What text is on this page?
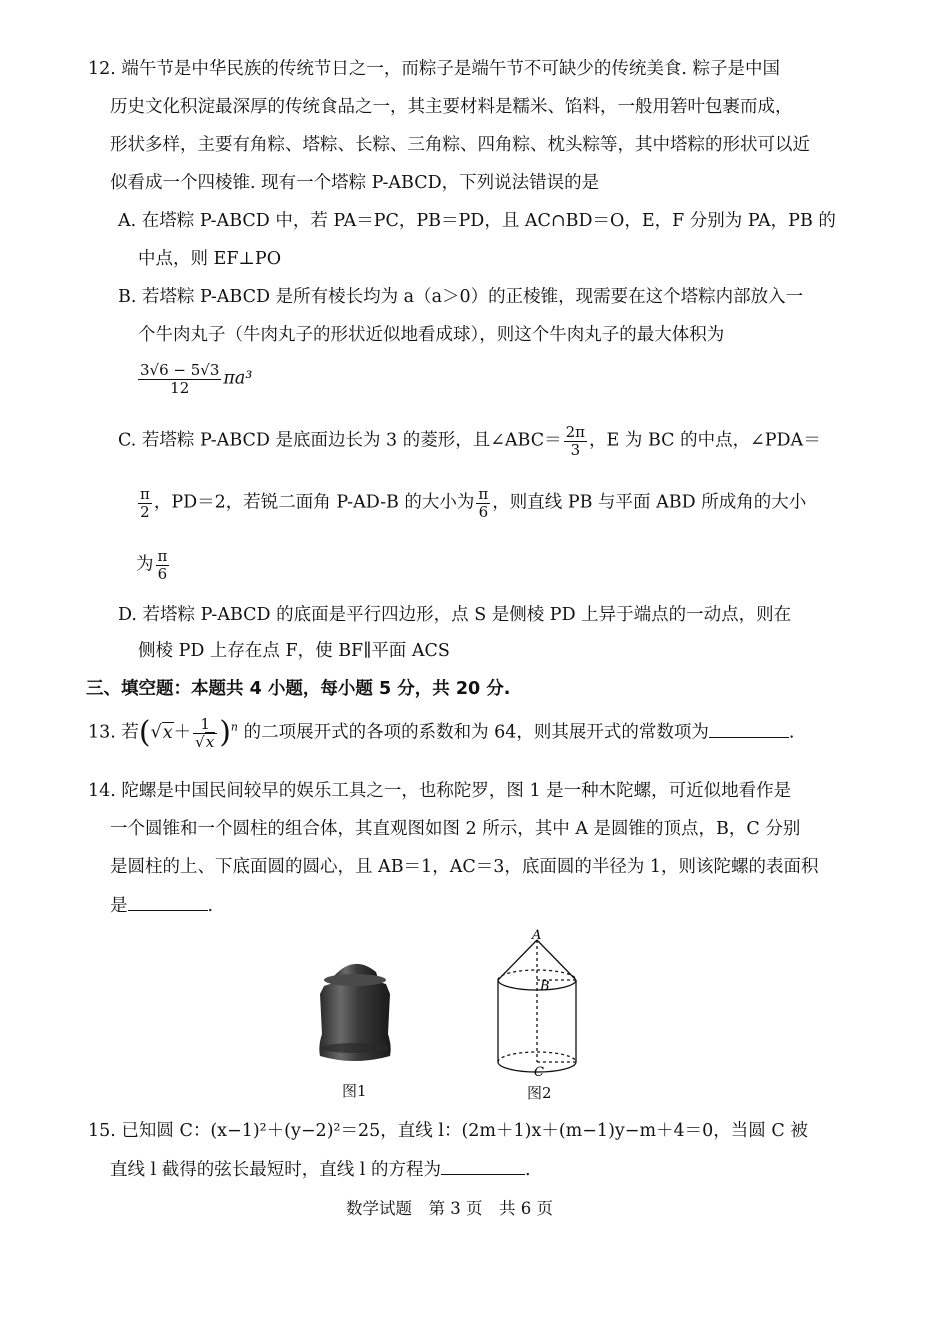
12. 端午节是中华民族的传统节日之一，而粽子是端午节不可缺少的传统美食. 粽子是中国
历史文化积淀最深厚的传统食品之一，其主要材料是糯米、馅料，一般用箬叶包裹而成，
形状多样，主要有角粽、塔粽、长粽、三角粽、四角粽、枕头粽等，其中塔粽的形状可以近
似看成一个四棱锥. 现有一个塔粽 P-ABCD，下列说法错误的是
A. 在塔粽 P-ABCD 中，若 PA＝PC，PB＝PD，且 AC∩BD＝O，E，F 分别为 PA，PB 的
中点，则 EF⊥PO
B. 若塔粽 P-ABCD 是所有棱长均为 a（a＞0）的正棱锥，现需要在这个塔粽内部放入一
个牛肉丸子（牛肉丸子的形状近似地看成球），则这个牛肉丸子的最大体积为
$\frac{3√6 - 5√3}{12} \pi a^3$
C. 若塔粽 P-ABCD 是底面边长为 3 的菱形，且∠ABC＝ $\frac{2\pi}{3}$ ，E 为 BC 的中点，∠PDA＝
$\frac{\pi}{2}$ ，PD＝2，若锐二面角 P-AD-B 的大小为 $\frac{\pi}{6}$ ，则直线 PB 与平面 ABD 所成角的大小
为 $\frac{\pi}{6}$
D. 若塔粽 P-ABCD 的底面是平行四边形，点 S 是侧棱 PD 上异于端点的一动点，则在
侧棱 PD 上存在点 F，使 BF∥平面 ACS
三、填空题：本题共 4 小题，每小题 5 分，共 20 分.
13. 若$(√x+ \frac{1}{√x} )^n$ 的二项展开式的各项的系数和为 64，则其展开式的常数项为	.
14. 陀螺是中国民间较早的娱乐工具之一，也称陀罗，图 1 是一种木陀螺，可近似地看作是
一个圆锥和一个圆柱的组合体，其直观图如图 2 所示，其中 A 是圆锥的顶点，B，C 分别
是圆柱的上、下底面圆的圆心，且 AB＝1，AC＝3，底面圆的半径为 1，则该陀螺的表面积
是	.
图1
A
B
C
图2
15. 已知圆 C：(x−1)²＋(y−2)²＝25，直线 l：(2m＋1)x＋(m−1)y−m＋4＝0，当圆 C 被
直线 l 截得的弦长最短时，直线 l 的方程为	.
数学试题　第 3 页　共 6 页
